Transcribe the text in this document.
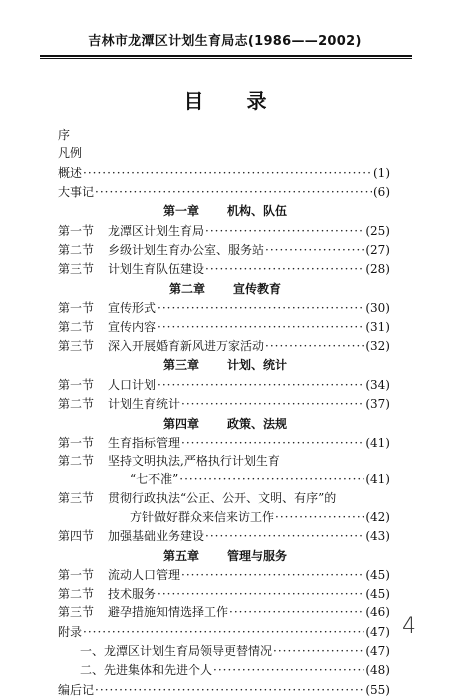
吉林市龙潭区计划生育局志(1986——2002)
目 录
序
凡例
概述 ·····	(1)
大事记 ·····	(6)
第一章 机构、队伍
第一节	龙潭区计划生育局 ·····	(25)
第二节	乡级计划生育办公室、服务站 ·····	(27)
第三节	计划生育队伍建设 ·····	(28)
第二章 宣传教育
第一节	宣传形式 ·····	(30)
第二节	宣传内容 ·····	(31)
第三节	深入开展婚育新风进万家活动 ·····	(32)
第三章 计划、统计
第一节	人口计划 ·····	(34)
第二节	计划生育统计 ·····	(37)
第四章 政策、法规
第一节	生育指标管理 ·····	(41)
第二节	坚持文明执法,严格执行计划生育
“七不准” ·····	(41)
第三节	贯彻行政执法“公正、公开、文明、有序”的
方针做好群众来信来访工作 ·····	(42)
第四节	加强基础业务建设 ·····	(43)
第五章 管理与服务
第一节	流动人口管理 ·····	(45)
第二节	技术服务 ·····	(45)
第三节	避孕措施知情选择工作 ·····	(46)
附录 ·····	(47)
一、龙潭区计划生育局领导更替情况 ·····	(47)
二、先进集体和先进个人 ·····	(48)
编后记 ·····	(55)
4
